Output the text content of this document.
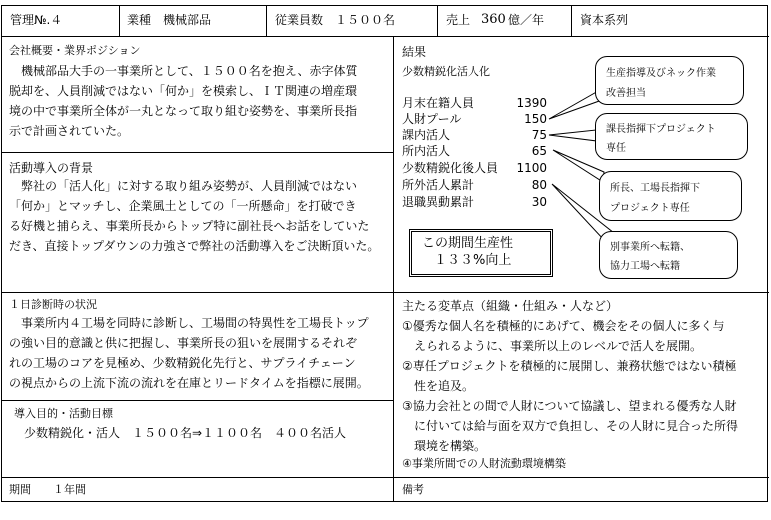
管理№.４	業種　機械部品	従業員数　１５００名	売上 360 億／年	資本系列
会社概要・業界ポジション
　機械部品大手の一事業所として、１５００名を抱え、赤字体質
脱却を、人員削減ではない「何か」を模索し、ＩＴ関連の増産環
境の中で事業所全体が一丸となって取り組む姿勢を、事業所長指
示で計画されていた。
活動導入の背景
　弊社の「活人化」に対する取り組み姿勢が、人員削減ではない
「何か」とマッチし、企業風土としての「一所懸命」を打破でき
る好機と捕らえ、事業所長からトップ特に副社長へお話をしていた
だき、直接トップダウンの力強さで弊社の活動導入をご決断頂いた。
結果
少数精鋭化活人化
月末在籍人員	1390
人財プール	150
課内活人	75
所内活人	65
少数精鋭化後人員	1100
所外活人累計	80
退職異動累計	30
生産指導及びネック作業
改善担当
課長指揮下プロジェクト
専任
所長、工場長指揮下
プロジェクト専任
別事業所へ転籍、
協力工場へ転籍
この期間生産性
１３３%向上
１日診断時の状況
　事業所内４工場を同時に診断し、工場間の特異性を工場長トップ
の強い目的意識と供に把握し、事業所長の狙いを展開するそれぞ
れの工場のコアを見極め、少数精鋭化先行と、サプライチェーン
の視点からの上流下流の流れを在庫とリードタイムを指標に展開。
導入目的・活動目標
　少数精鋭化・活人　１５００名⇒１１００名　４００名活人
主たる変革点（組織・仕組み・人など）
①優秀な個人名を積極的にあげて、機会をその個人に多く与
　えられるように、事業所以上のレベルで活人を展開。
②専任プロジェクトを積極的に展開し、兼務状態ではない積極
　性を追及。
③協力会社との間で人財について協議し、望まれる優秀な人財
　に付いては給与面を双方で負担し、その人財に見合った所得
　環境を構築。
④事業所間での人財流動環境構築
期間　　１年間	備考
